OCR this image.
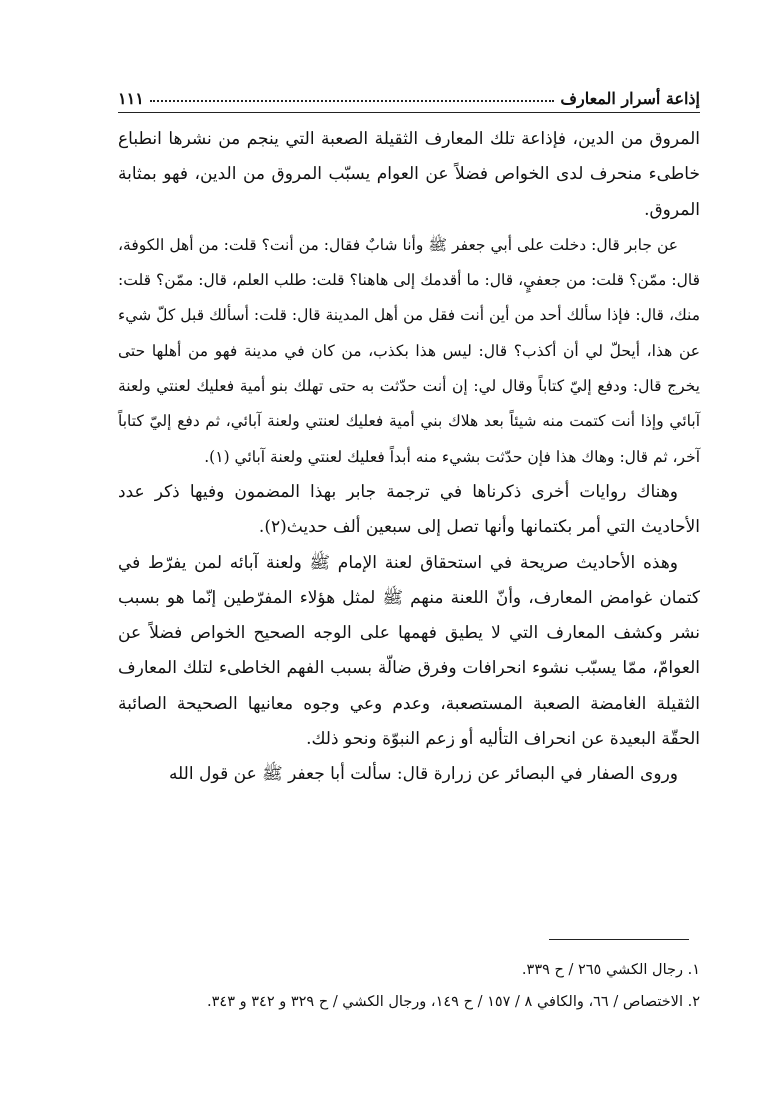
إذاعة أسرار المعارف
١١١

المروق من الدين، فإذاعة تلك المعارف الثقيلة الصعبة التي ينجم من نشرها انطباع خاطىء منحرف لدى الخواص فضلاً عن العوام يسبّب المروق من الدين، فهو بمثابة المروق.

عن جابر قال: دخلت على أبي جعفر ﷺ وأنا شابٌ فقال: من أنت؟ قلت: من أهل الكوفة، قال: ممّن؟ قلت: من جعفيٍ، قال: ما أقدمك إلى هاهنا؟ قلت: طلب العلم، قال: ممّن؟ قلت: منك، قال: فإذا سألك أحد من أين أنت فقل من أهل المدينة قال: قلت: أسألك قبل كلّ شيء عن هذا، أيحلّ لي أن أكذب؟ قال: ليس هذا بكذب، من كان في مدينة فهو من أهلها حتى يخرج قال: ودفع إليّ كتاباً وقال لي: إن أنت حدّثت به حتى تهلك بنو أمية فعليك لعنتي ولعنة آبائي وإذا أنت كتمت منه شيئاً بعد هلاك بني أمية فعليك لعنتي ولعنة آبائي، ثم دفع إليّ كتاباً آخر، ثم قال: وهاك هذا فإن حدّثت بشيء منه أبداً فعليك لعنتي ولعنة آبائي (١).

وهناك روايات أخرى ذكرناها في ترجمة جابر بهذا المضمون وفيها ذكر عدد الأحاديث التي أمر بكتمانها وأنها تصل إلى سبعين ألف حديث(٢).

وهذه الأحاديث صريحة في استحقاق لعنة الإمام ﷺ ولعنة آبائه لمن يفرّط في كتمان غوامض المعارف، وأنّ اللعنة منهم ﷺ لمثل هؤلاء المفرّطين إنّما هو بسبب نشر وكشف المعارف التي لا يطيق فهمها على الوجه الصحيح الخواص فضلاً عن العوامّ، ممّا يسبّب نشوء انحرافات وفرق ضالّة بسبب الفهم الخاطىء لتلك المعارف الثقيلة الغامضة الصعبة المستصعبة، وعدم وعي وجوه معانيها الصحيحة الصائبة الحقّة البعيدة عن انحراف التأليه أو زعم النبوّة ونحو ذلك.

وروى الصفار في البصائر عن زرارة قال: سألت أبا جعفر ﷺ عن قول الله

١. رجال الكشي ٢٦٥ / ح ٣٣٩.

٢. الاختصاص / ٦٦، والكافي ٨ / ١٥٧ / ح ١٤٩، ورجال الكشي / ح ٣٢٩ و ٣٤٢ و ٣٤٣.
